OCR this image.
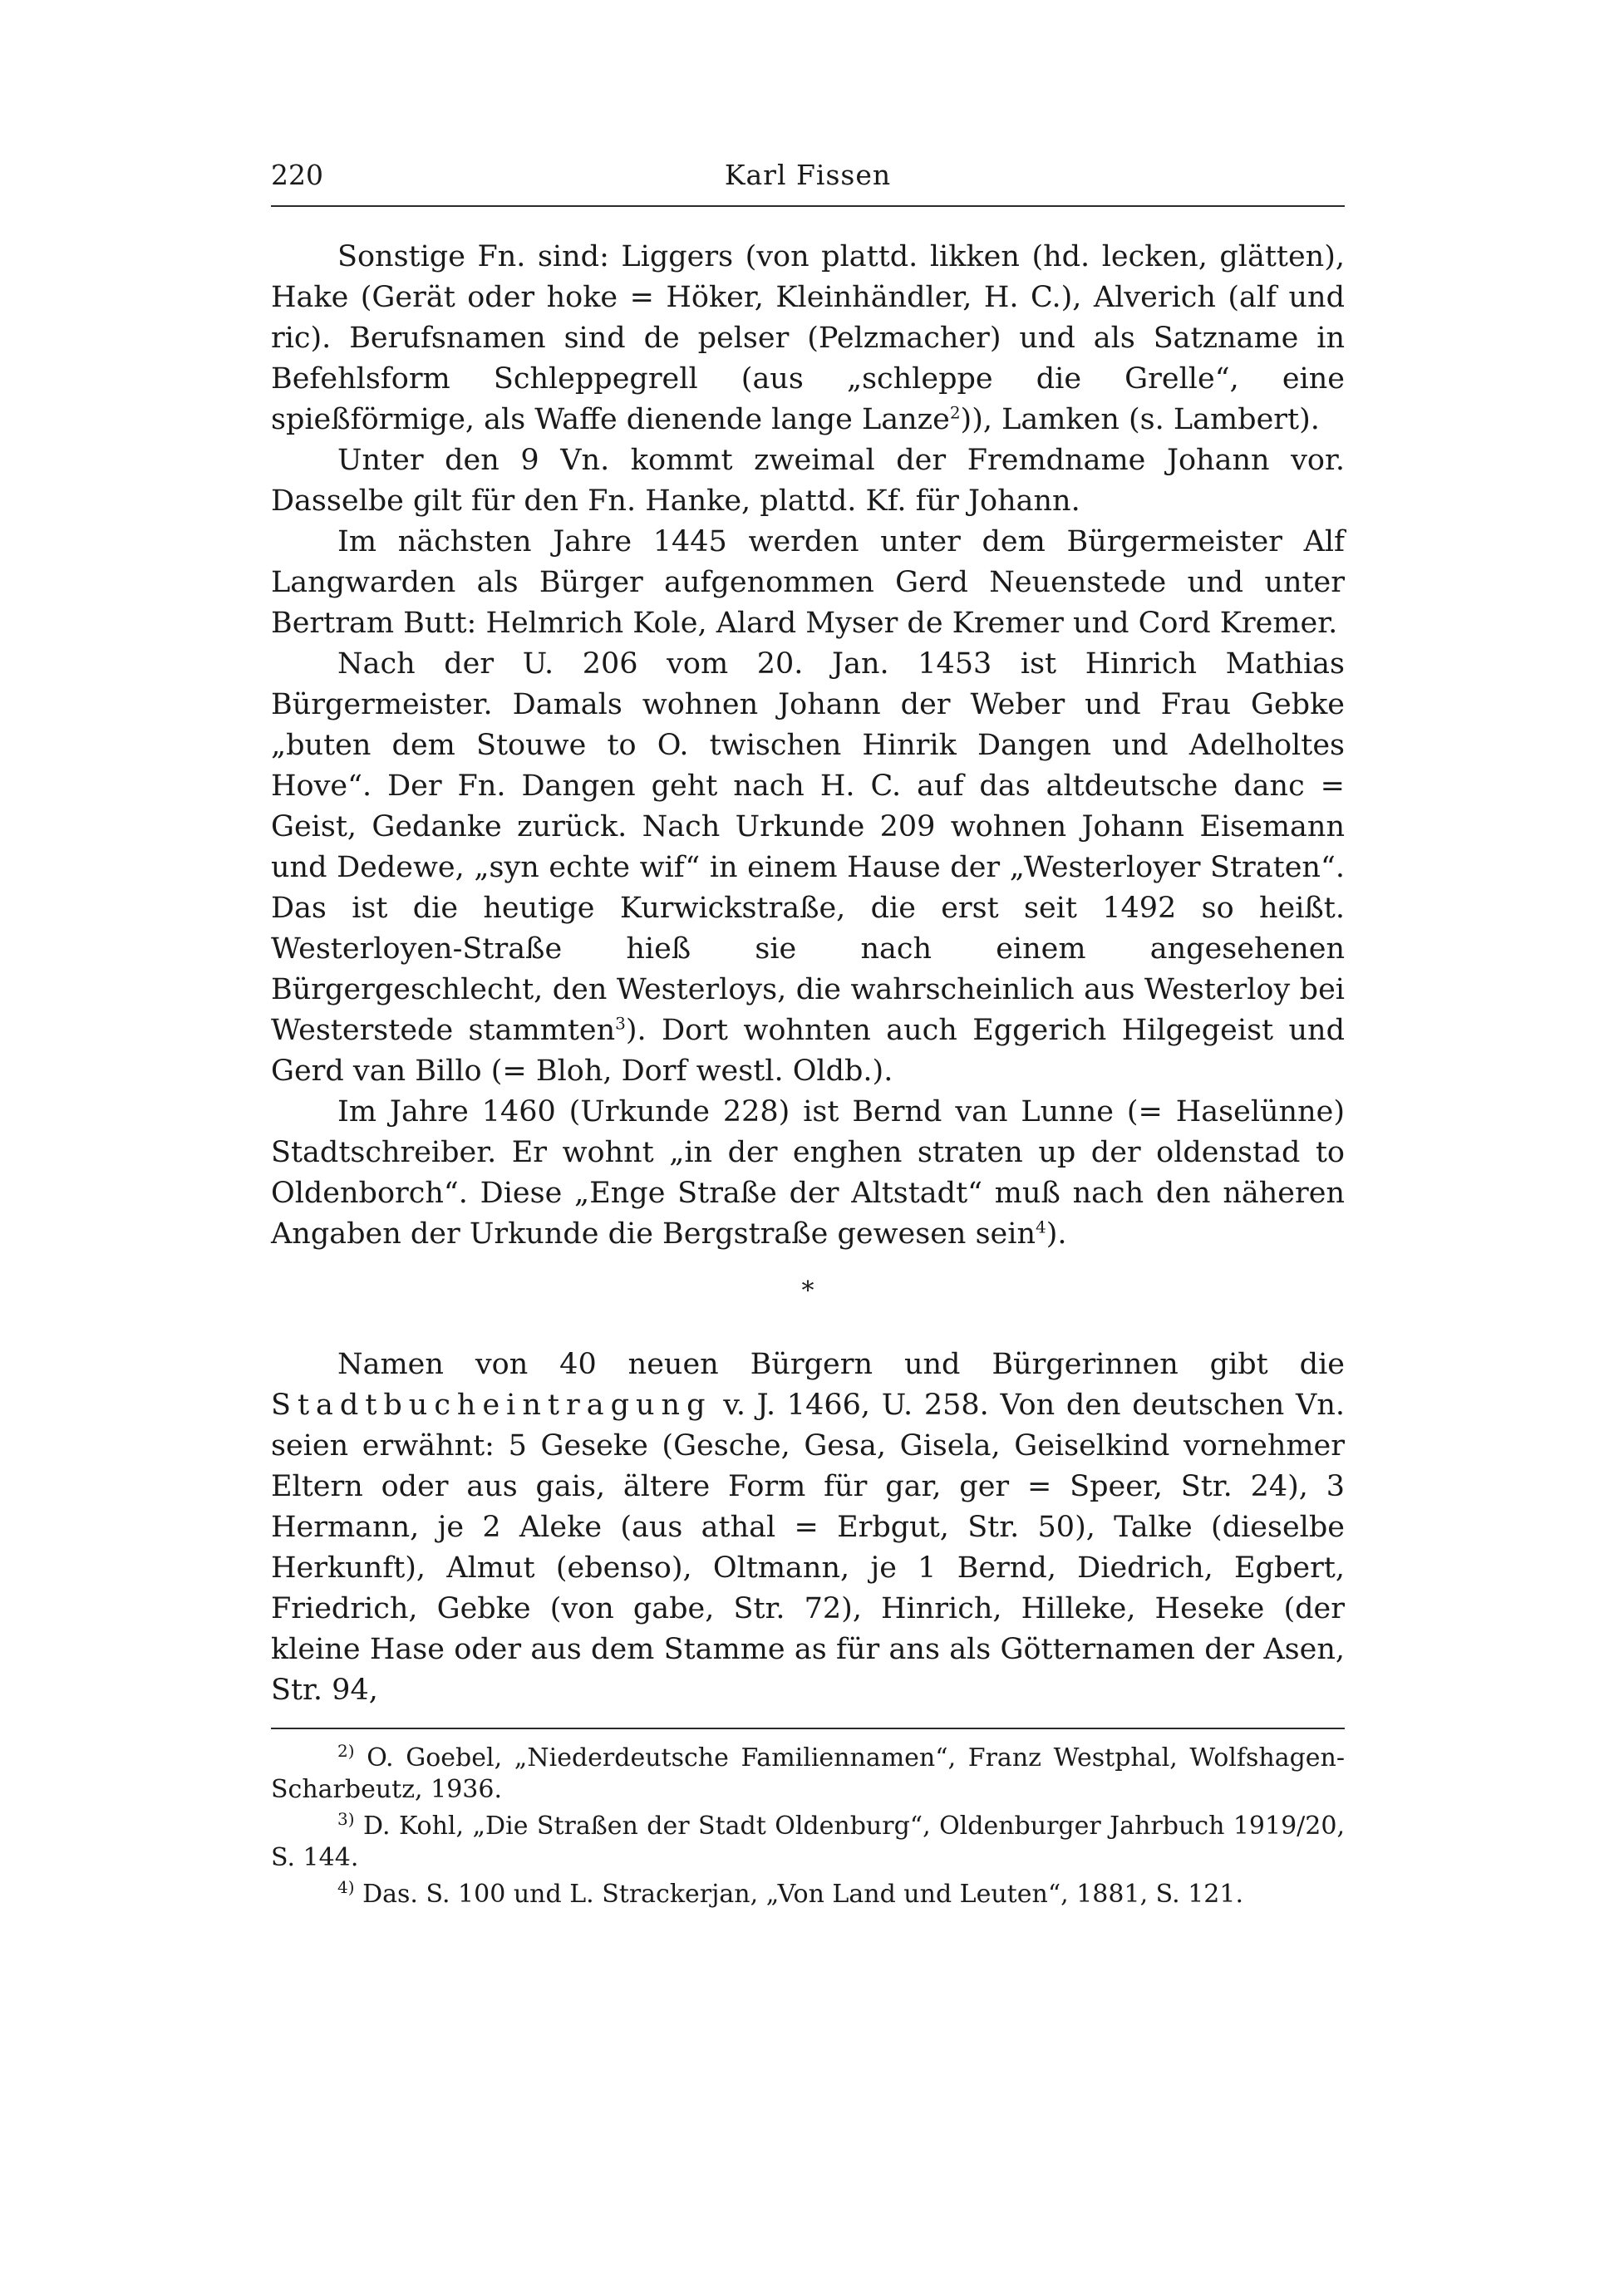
220	Karl Fissen

Sonstige Fn. sind: Liggers (von plattd. likken (hd. lecken, glätten), Hake (Gerät oder hoke = Höker, Kleinhändler, H. C.), Alverich (alf und ric). Berufsnamen sind de pelser (Pelzmacher) und als Satzname in Befehlsform Schleppegrell (aus „schleppe die Grelle“, eine spießförmige, als Waffe dienende lange Lanze$^2$)), Lamken (s. Lambert).

Unter den 9 Vn. kommt zweimal der Fremdname Johann vor. Dasselbe gilt für den Fn. Hanke, plattd. Kf. für Johann.

Im nächsten Jahre 1445 werden unter dem Bürgermeister Alf Langwarden als Bürger aufgenommen Gerd Neuenstede und unter Bertram Butt: Helmrich Kole, Alard Myser de Kremer und Cord Kremer.

Nach der U. 206 vom 20. Jan. 1453 ist Hinrich Mathias Bürgermeister. Damals wohnen Johann der Weber und Frau Gebke „buten dem Stouwe to O. twischen Hinrik Dangen und Adelholtes Hove“. Der Fn. Dangen geht nach H. C. auf das altdeutsche danc = Geist, Gedanke zurück. Nach Urkunde 209 wohnen Johann Eisemann und Dedewe, „syn echte wif“ in einem Hause der „Westerloyer Straten“. Das ist die heutige Kurwickstraße, die erst seit 1492 so heißt. Westerloyen-Straße hieß sie nach einem angesehenen Bürgergeschlecht, den Westerloys, die wahrscheinlich aus Westerloy bei Westerstede stammten$^3$). Dort wohnten auch Eggerich Hilgegeist und Gerd van Billo (= Bloh, Dorf westl. Oldb.).

Im Jahre 1460 (Urkunde 228) ist Bernd van Lunne (= Haselünne) Stadtschreiber. Er wohnt „in der enghen straten up der oldenstad to Oldenborch“. Diese „Enge Straße der Altstadt“ muß nach den näheren Angaben der Urkunde die Bergstraße gewesen sein$^4$).

*

Namen von 40 neuen Bürgern und Bürgerinnen gibt die Stadtbucheintragung v. J. 1466, U. 258. Von den deutschen Vn. seien erwähnt: 5 Geseke (Gesche, Gesa, Gisela, Geiselkind vornehmer Eltern oder aus gais, ältere Form für gar, ger = Speer, Str. 24), 3 Hermann, je 2 Aleke (aus athal = Erbgut, Str. 50), Talke (dieselbe Herkunft), Almut (ebenso), Oltmann, je 1 Bernd, Diedrich, Egbert, Friedrich, Gebke (von gabe, Str. 72), Hinrich, Hilleke, Heseke (der kleine Hase oder aus dem Stamme as für ans als Götternamen der Asen, Str. 94,

$^{2)}$ O. Goebel, „Niederdeutsche Familiennamen“, Franz Westphal, Wolfshagen-Scharbeutz, 1936.

$^{3)}$ D. Kohl, „Die Straßen der Stadt Oldenburg“, Oldenburger Jahrbuch 1919/20, S. 144.

$^{4)}$ Das. S. 100 und L. Strackerjan, „Von Land und Leuten“, 1881, S. 121.
